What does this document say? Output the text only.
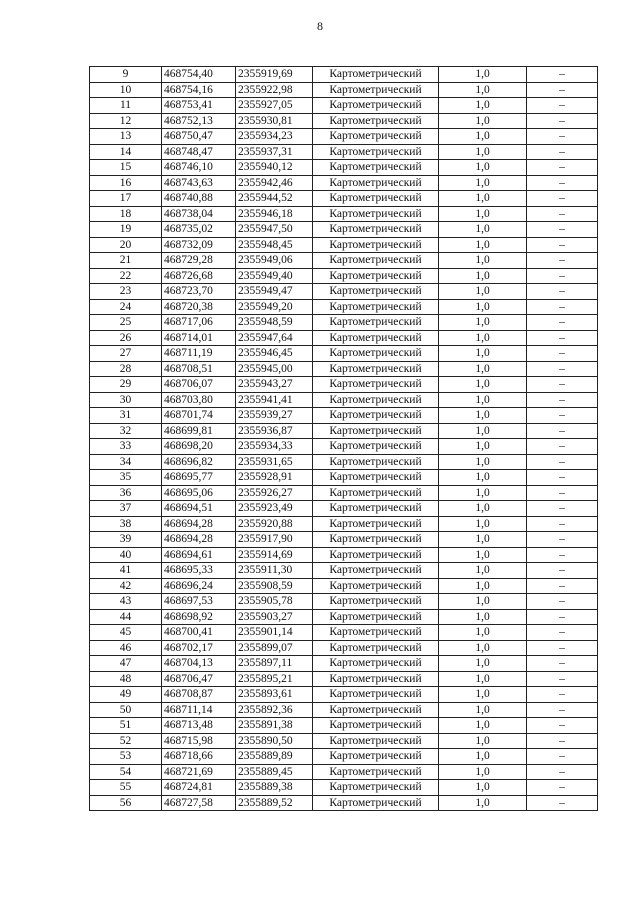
8
9	468754,40	2355919,69	Картометрический	1,0	–
10	468754,16	2355922,98	Картометрический	1,0	–
11	468753,41	2355927,05	Картометрический	1,0	–
12	468752,13	2355930,81	Картометрический	1,0	–
13	468750,47	2355934,23	Картометрический	1,0	–
14	468748,47	2355937,31	Картометрический	1,0	–
15	468746,10	2355940,12	Картометрический	1,0	–
16	468743,63	2355942,46	Картометрический	1,0	–
17	468740,88	2355944,52	Картометрический	1,0	–
18	468738,04	2355946,18	Картометрический	1,0	–
19	468735,02	2355947,50	Картометрический	1,0	–
20	468732,09	2355948,45	Картометрический	1,0	–
21	468729,28	2355949,06	Картометрический	1,0	–
22	468726,68	2355949,40	Картометрический	1,0	–
23	468723,70	2355949,47	Картометрический	1,0	–
24	468720,38	2355949,20	Картометрический	1,0	–
25	468717,06	2355948,59	Картометрический	1,0	–
26	468714,01	2355947,64	Картометрический	1,0	–
27	468711,19	2355946,45	Картометрический	1,0	–
28	468708,51	2355945,00	Картометрический	1,0	–
29	468706,07	2355943,27	Картометрический	1,0	–
30	468703,80	2355941,41	Картометрический	1,0	–
31	468701,74	2355939,27	Картометрический	1,0	–
32	468699,81	2355936,87	Картометрический	1,0	–
33	468698,20	2355934,33	Картометрический	1,0	–
34	468696,82	2355931,65	Картометрический	1,0	–
35	468695,77	2355928,91	Картометрический	1,0	–
36	468695,06	2355926,27	Картометрический	1,0	–
37	468694,51	2355923,49	Картометрический	1,0	–
38	468694,28	2355920,88	Картометрический	1,0	–
39	468694,28	2355917,90	Картометрический	1,0	–
40	468694,61	2355914,69	Картометрический	1,0	–
41	468695,33	2355911,30	Картометрический	1,0	–
42	468696,24	2355908,59	Картометрический	1,0	–
43	468697,53	2355905,78	Картометрический	1,0	–
44	468698,92	2355903,27	Картометрический	1,0	–
45	468700,41	2355901,14	Картометрический	1,0	–
46	468702,17	2355899,07	Картометрический	1,0	–
47	468704,13	2355897,11	Картометрический	1,0	–
48	468706,47	2355895,21	Картометрический	1,0	–
49	468708,87	2355893,61	Картометрический	1,0	–
50	468711,14	2355892,36	Картометрический	1,0	–
51	468713,48	2355891,38	Картометрический	1,0	–
52	468715,98	2355890,50	Картометрический	1,0	–
53	468718,66	2355889,89	Картометрический	1,0	–
54	468721,69	2355889,45	Картометрический	1,0	–
55	468724,81	2355889,38	Картометрический	1,0	–
56	468727,58	2355889,52	Картометрический	1,0	–
